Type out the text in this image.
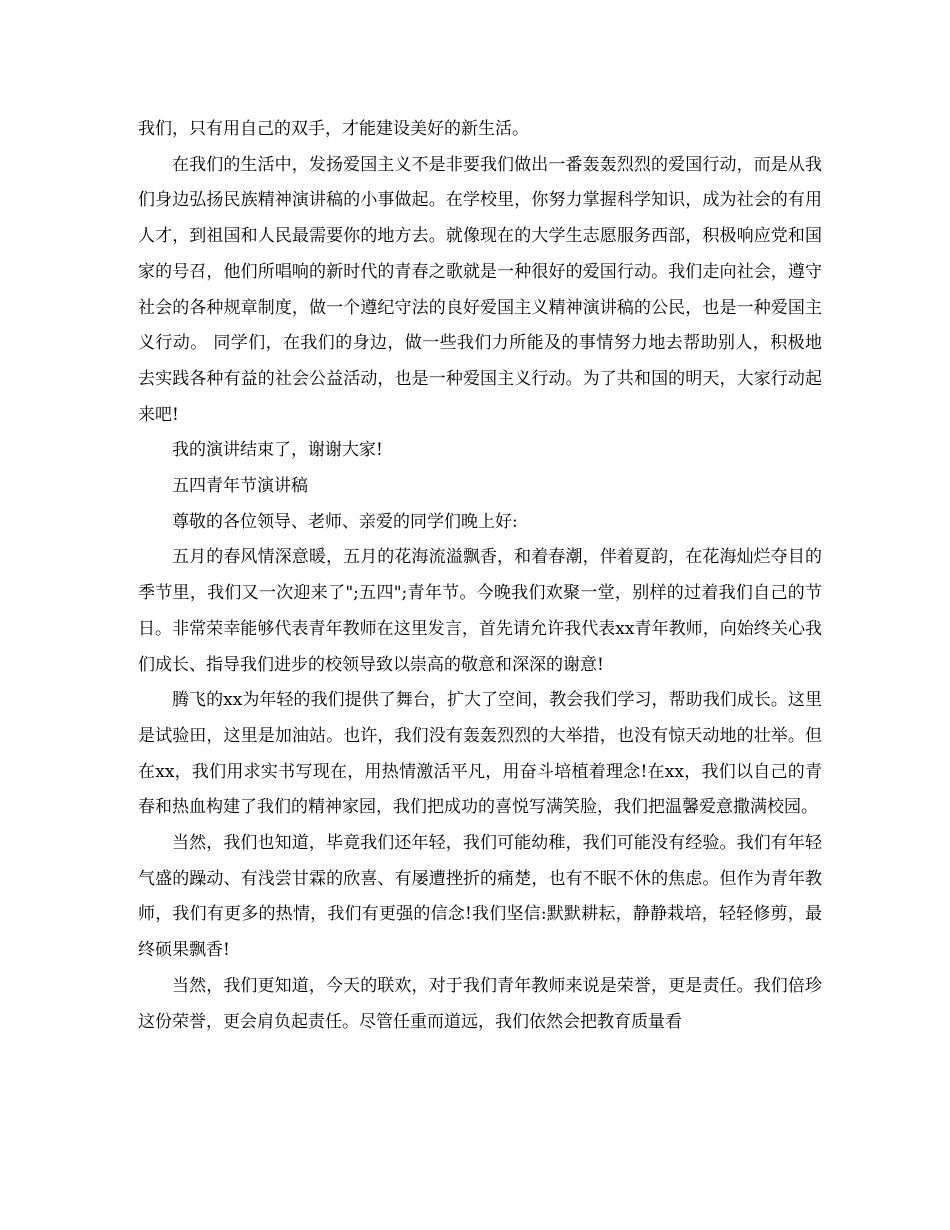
我们，只有用自己的双手，才能建设美好的新生活。

在我们的生活中，发扬爱国主义不是非要我们做出一番轰轰烈烈的爱国行动，而是从我们身边弘扬民族精神演讲稿的小事做起。在学校里，你努力掌握科学知识，成为社会的有用人才，到祖国和人民最需要你的地方去。就像现在的大学生志愿服务西部，积极响应党和国家的号召，他们所唱响的新时代的青春之歌就是一种很好的爱国行动。我们走向社会，遵守社会的各种规章制度，做一个遵纪守法的良好爱国主义精神演讲稿的公民，也是一种爱国主义行动。 同学们，在我们的身边，做一些我们力所能及的事情努力地去帮助别人，积极地去实践各种有益的社会公益活动，也是一种爱国主义行动。为了共和国的明天，大家行动起来吧!

我的演讲结束了，谢谢大家!

五四青年节演讲稿

尊敬的各位领导、老师、亲爱的同学们晚上好:

五月的春风情深意暖，五月的花海流溢飘香，和着春潮，伴着夏韵，在花海灿烂夺目的季节里，我们又一次迎来了";五四";青年节。今晚我们欢聚一堂，别样的过着我们自己的节日。非常荣幸能够代表青年教师在这里发言，首先请允许我代表xx青年教师，向始终关心我们成长、指导我们进步的校领导致以崇高的敬意和深深的谢意!

腾飞的xx为年轻的我们提供了舞台，扩大了空间，教会我们学习，帮助我们成长。这里是试验田，这里是加油站。也许，我们没有轰轰烈烈的大举措，也没有惊天动地的壮举。但在xx，我们用求实书写现在，用热情激活平凡，用奋斗培植着理念!在xx，我们以自己的青春和热血构建了我们的精神家园，我们把成功的喜悦写满笑脸，我们把温馨爱意撒满校园。

当然，我们也知道，毕竟我们还年轻，我们可能幼稚，我们可能没有经验。我们有年轻气盛的躁动、有浅尝甘霖的欣喜、有屡遭挫折的痛楚，也有不眠不休的焦虑。但作为青年教师，我们有更多的热情，我们有更强的信念!我们坚信:默默耕耘，静静栽培，轻轻修剪，最终硕果飘香!

当然，我们更知道，今天的联欢，对于我们青年教师来说是荣誉，更是责任。我们倍珍这份荣誉，更会肩负起责任。尽管任重而道远，我们依然会把教育质量看
